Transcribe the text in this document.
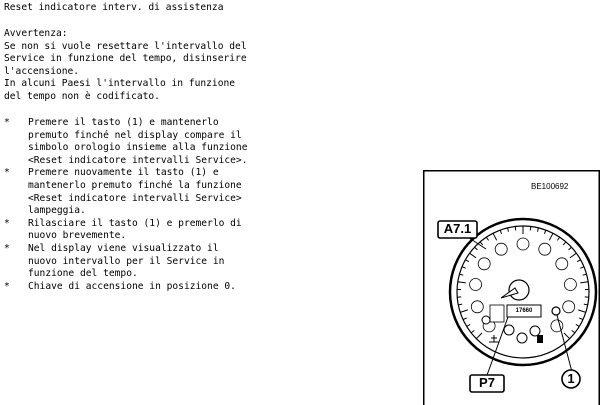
Reset indicatore interv. di assistenza
Avvertenza:
Se non si vuole resettare l'intervallo del
Service in funzione del tempo, disinserire
l'accensione.
In alcuni Paesi l'intervallo in funzione
del tempo non è codificato.
*	Premere il tasto (1) e mantenerlo
premuto finché nel display compare il
simbolo orologio insieme alla funzione
<Reset indicatore intervalli Service>.
*	Premere nuovamente il tasto (1) e
mantenerlo premuto finché la funzione
<Reset indicatore intervalli Service>
lampeggia.
*	Rilasciare il tasto (1) e premerlo di
nuovo brevemente.
*	Nel display viene visualizzato il
nuovo intervallo per il Service in
funzione del tempo.
*	Chiave di accensione in posizione 0.
BE100692
A7.1
P7	1
17660
